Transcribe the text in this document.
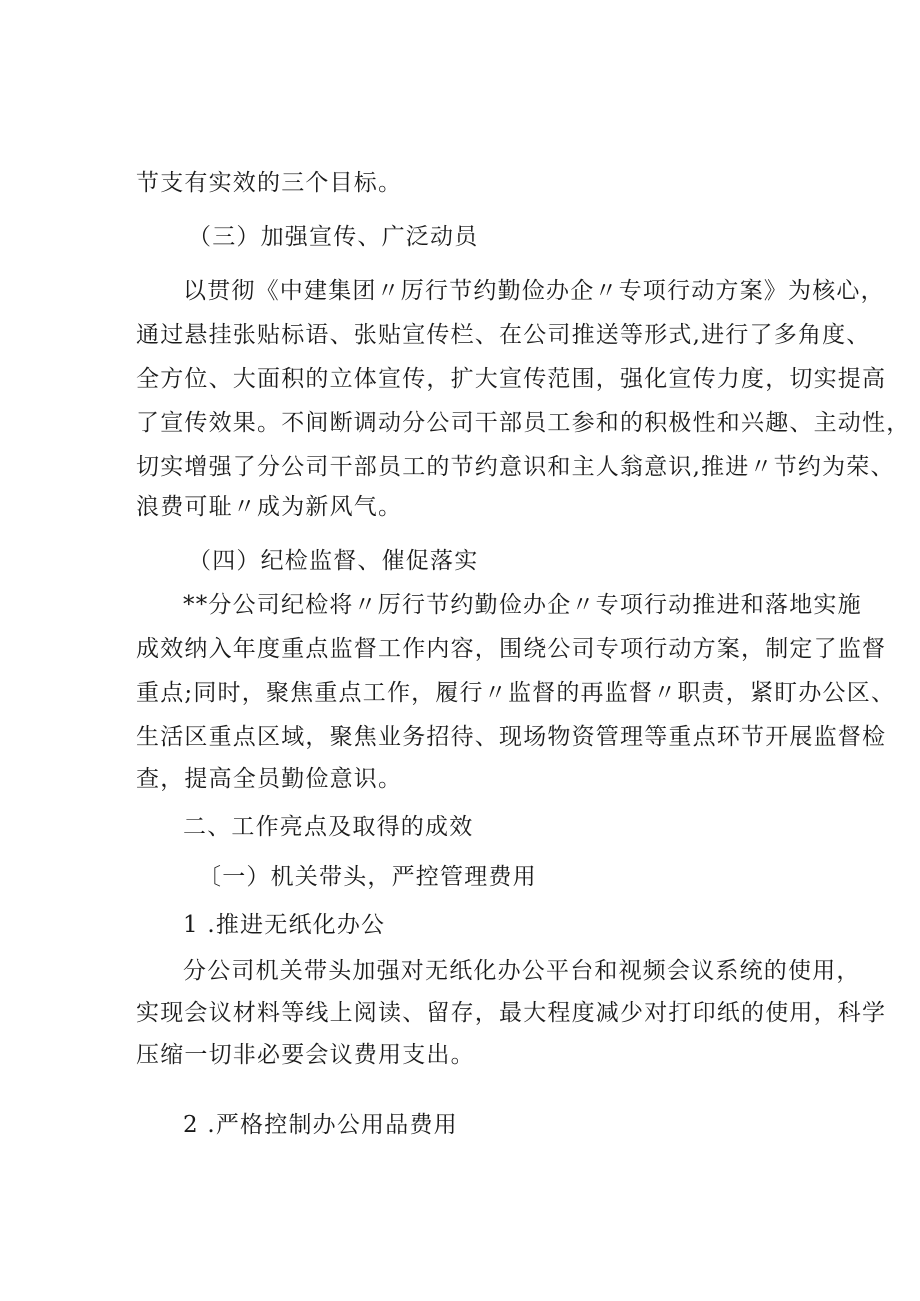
节支有实效的三个目标。
（三）加强宣传、广泛动员
以贯彻《中建集团〃厉行节约勤俭办企〃专项行动方案》为核心，
通过悬挂张贴标语、张贴宣传栏、在公司推送等形式,进行了多角度、
全方位、大面积的立体宣传，扩大宣传范围，强化宣传力度，切实提高
了宣传效果。不间断调动分公司干部员工参和的积极性和兴趣、主动性，
切实增强了分公司干部员工的节约意识和主人翁意识,推进〃节约为荣、
浪费可耻〃成为新风气。
（四）纪检监督、催促落实
**分公司纪检将〃厉行节约勤俭办企〃专项行动推进和落地实施
成效纳入年度重点监督工作内容，围绕公司专项行动方案，制定了监督
重点;同时，聚焦重点工作，履行〃监督的再监督〃职责，紧盯办公区、
生活区重点区域，聚焦业务招待、现场物资管理等重点环节开展监督检
查，提高全员勤俭意识。
二、工作亮点及取得的成效
〔一）机关带头，严控管理费用
1 .推进无纸化办公
分公司机关带头加强对无纸化办公平台和视频会议系统的使用，
实现会议材料等线上阅读、留存，最大程度减少对打印纸的使用，科学
压缩一切非必要会议费用支出。
2 .严格控制办公用品费用
